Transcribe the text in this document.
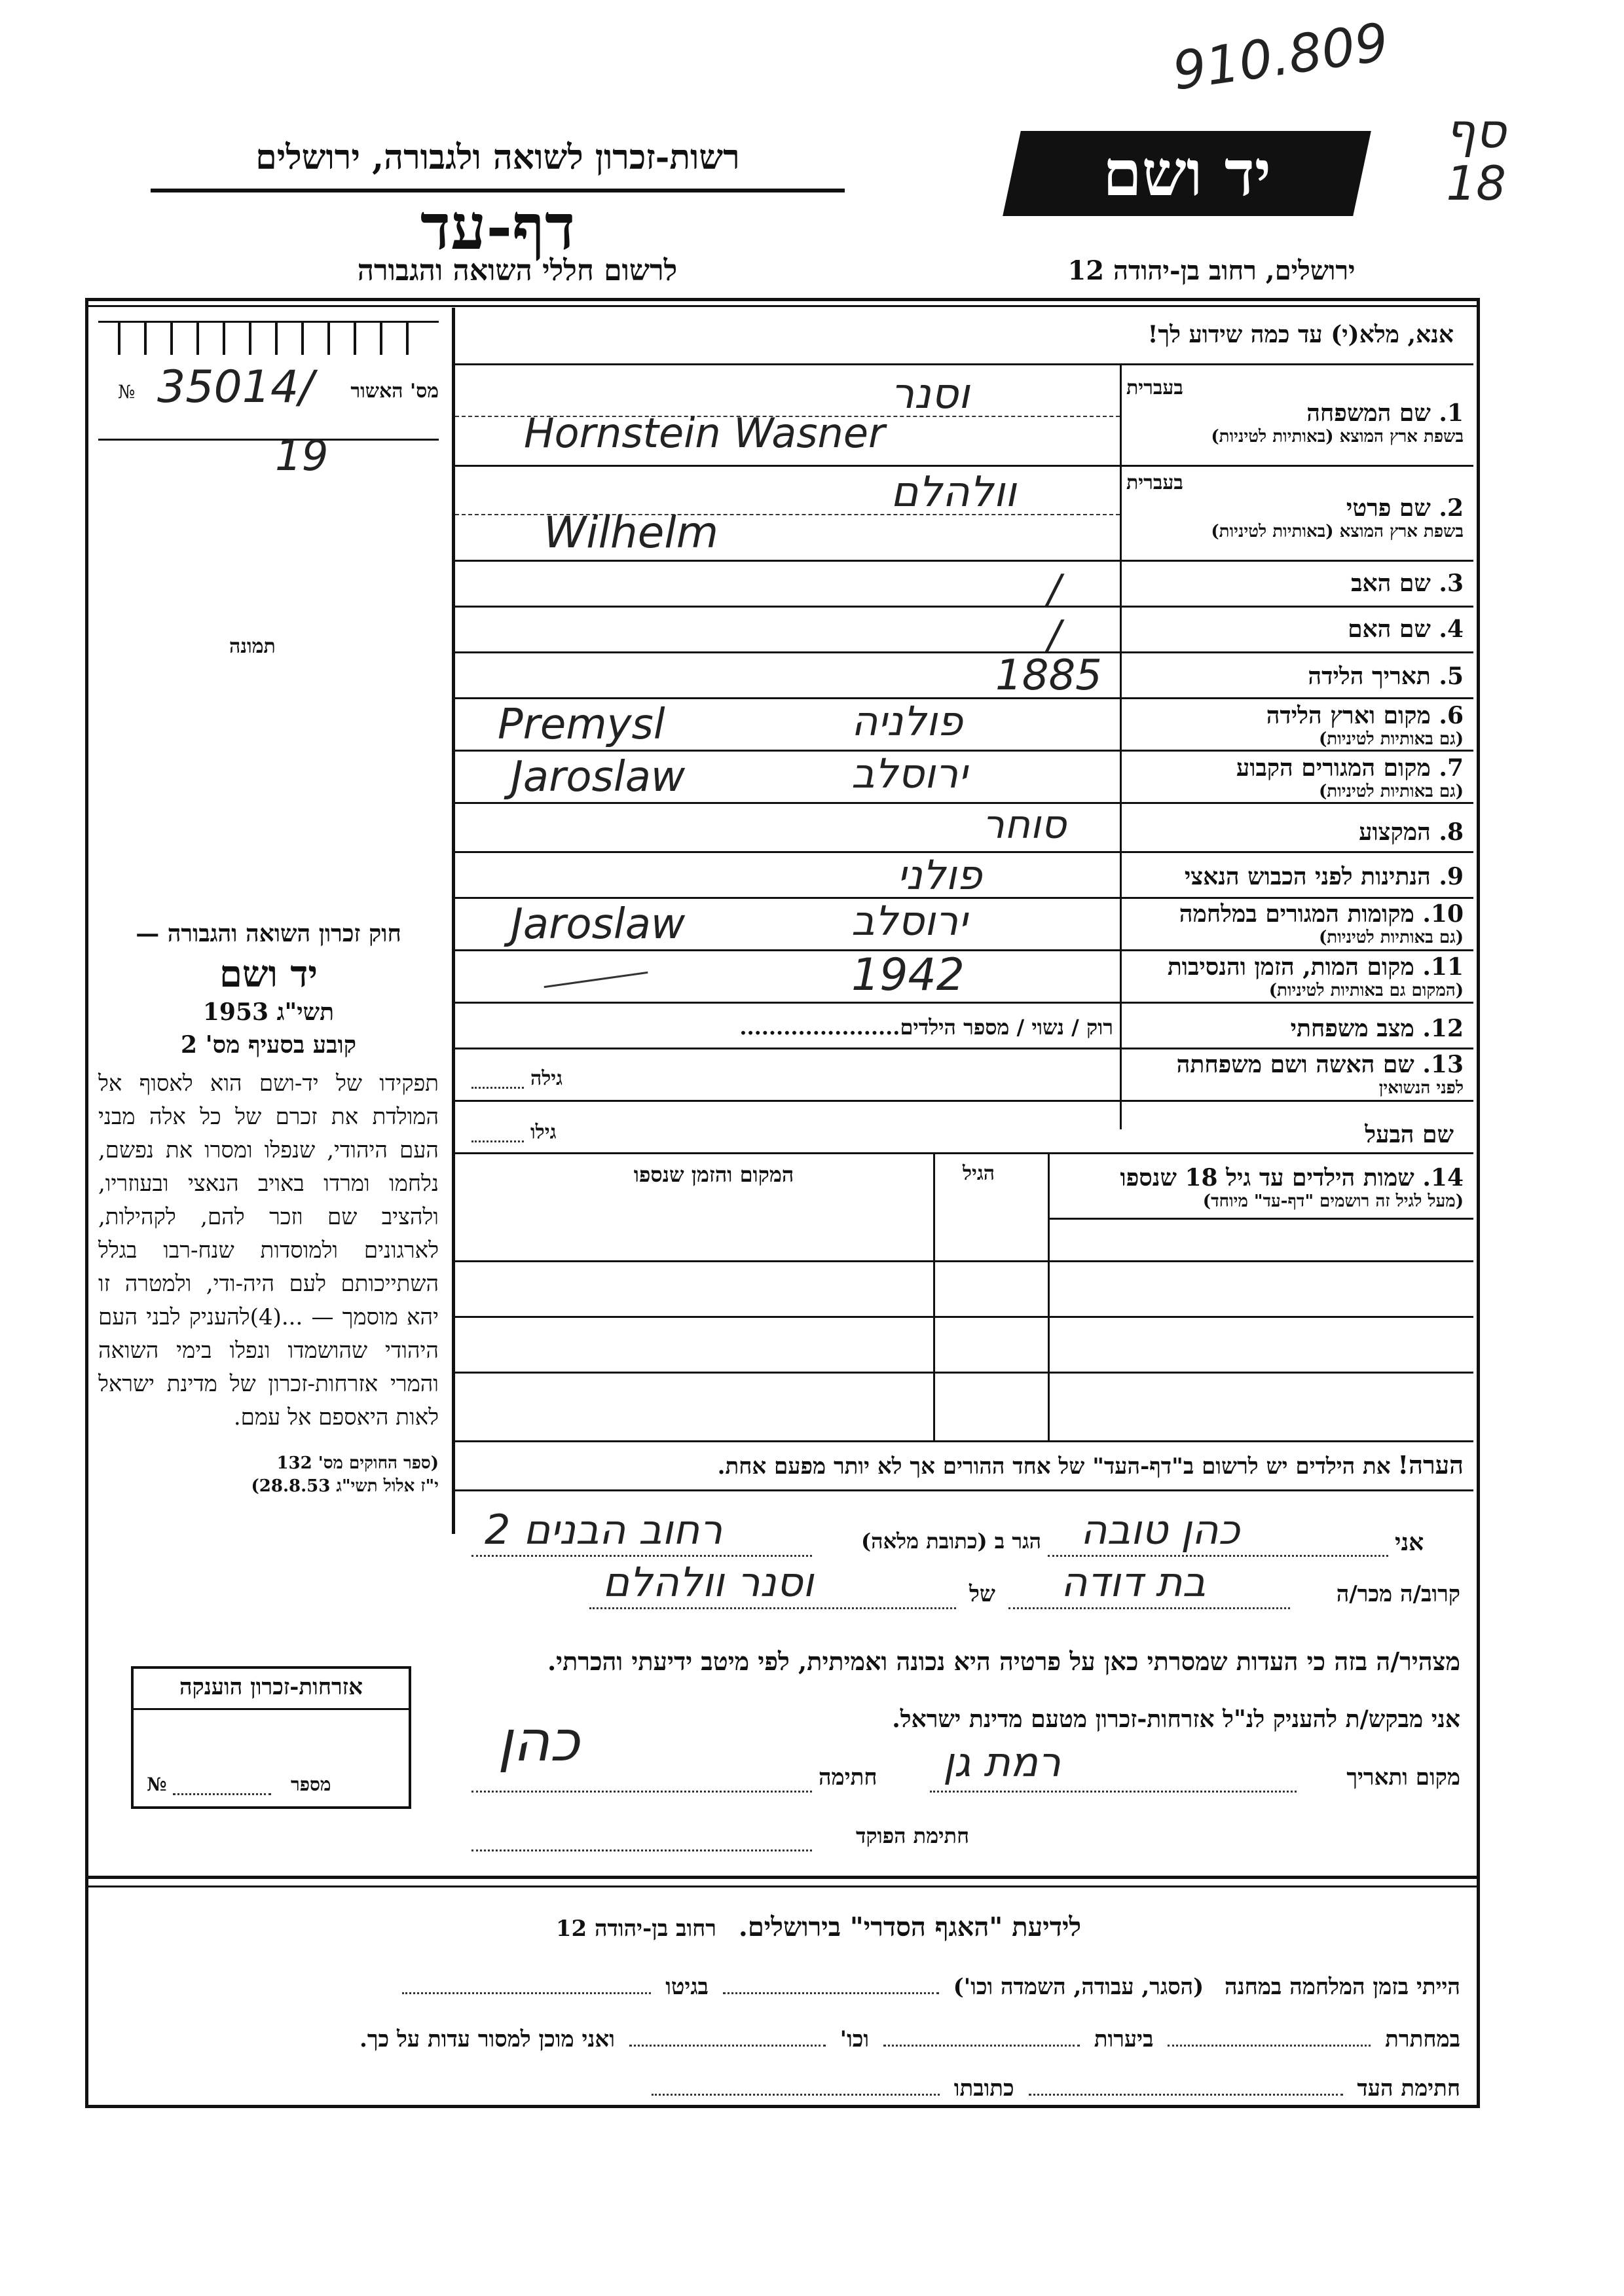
910.809
סף 18
רשות-זכרון לשואה ולגבורה, ירושלים
דף-עד
לרשום חללי השואה והגבורה
יד ושם
ירושלים, רחוב בן-יהודה 12
№ 35014/	מס' האשור
19
תמונה
חוק זכרון השואה והגבורה —
יד ושם
תשי"ג 1953
קובע בסעיף מס' 2
תפקידו של יד-ושם הוא לאסוף אל המולדת את זכרם של כל אלה מבני העם היהודי, שנפלו ומסרו את נפשם, נלחמו ומרדו באויב הנאצי ובעוזריו, ולהציב שם וזכר להם, לקהילות, לארגונים ולמוסדות שנח-רבו בגלל השתייכותם לעם היה-ודי, ולמטרה זו יהא מוסמך — ...(4)להעניק לבני העם היהודי שהושמדו ונפלו בימי השואה והמרי אזרחות-זכרון של מדינת ישראל לאות היאספם אל עמם.
(ספר החוקים מס' 132
י"ז אלול תשי"ג 28.8.53)
אנא, מלא(י) עד כמה שידוע לך!
בעברית
1. שם המשפחה
בשפת ארץ המוצא (באותיות לטיניות)
וסנר
Hornstein Wasner
בעברית
2. שם פרטי
בשפת ארץ המוצא (באותיות לטיניות)
וולהלם
Wilhelm
3. שם האב
/
4. שם האם
/
5. תאריך הלידה
1885
6. מקום וארץ הלידה
(גם באותיות לטיניות)
פולניה
Premysl
7. מקום המגורים הקבוע
(גם באותיות לטיניות)
ירוסלב
Jaroslaw
8. המקצוע
סוחר
9. הנתינות לפני הכבוש הנאצי
פולני
10. מקומות המגורים במלחמה
(גם באותיות לטיניות)
ירוסלב
Jaroslaw
11. מקום המות, הזמן והנסיבות
(המקום גם באותיות לטיניות)
1942
12. מצב משפחתי
רוק / נשוי / מספר הילדים......................
13. שם האשה ושם משפחתה
לפני הנשואין
גילה
שם הבעל
גילו
14. שמות הילדים עד גיל 18 שנספו
(מעל לגיל זה רושמים "דף-עד" מיוחד)
הגיל
המקום והזמן שנספו
הערה! את הילדים יש לרשום ב"דף-העד" של אחד ההורים אך לא יותר מפעם אחת.
אני
כהן טובה
הגר ב (כתובת מלאה)
רחוב הבנים 2
קרוב/ה מכר/ה
בת דודה
של
וסנר וולהלם
מצהיר/ה בזה כי העדות שמסרתי כאן על פרטיה היא נכונה ואמיתית, לפי מיטב ידיעתי והכרתי.
אני מבקש/ת להעניק לנ"ל אזרחות-זכרון מטעם מדינת ישראל.
מקום ותאריך
רמת גן
חתימה
כהן
חתימת הפוקד
אזרחות-זכרון הוענקה
מספר
№
לידיעת "האגף הסדרי" בירושלים. רחוב בן-יהודה 12
הייתי בזמן המלחמה במחנה (הסגר, עבודה, השמדה וכו')  בגיטו
במחתרת  ביערות  וכו'  ואני מוכן למסור עדות על כך.
חתימת העד  כתובתו
